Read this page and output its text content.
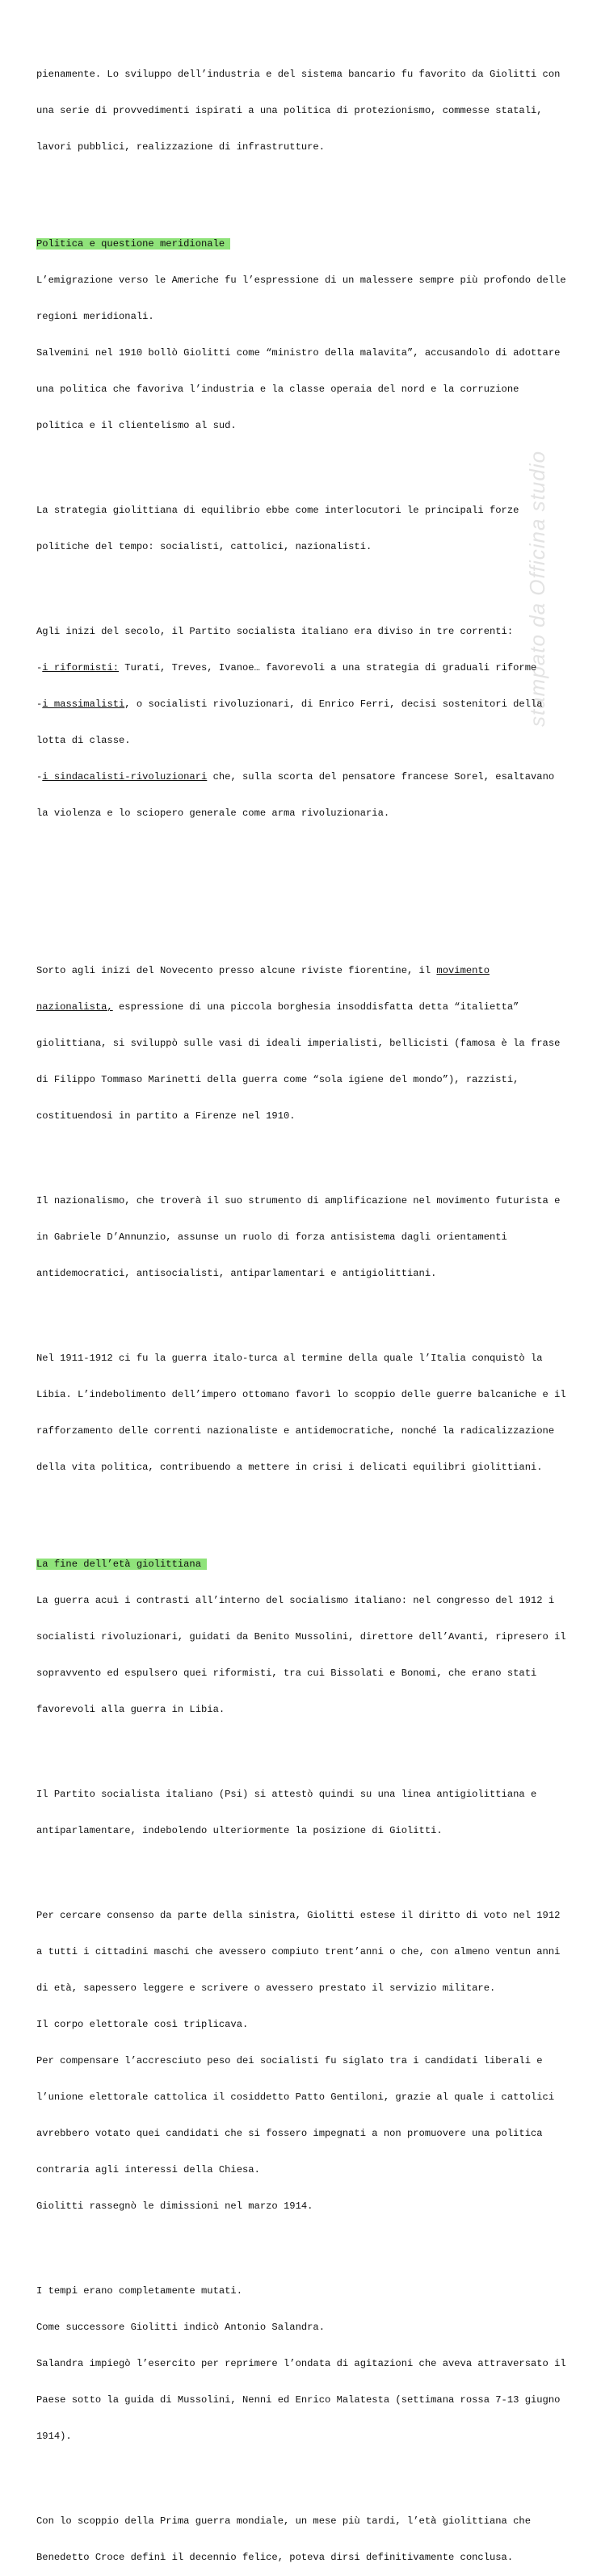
stampato da Officina studio

pienamente. Lo sviluppo dell’industria e del sistema bancario fu favorito da Giolitti con

una serie di provvedimenti ispirati a una politica di protezionismo, commesse statali,

lavori pubblici, realizzazione di infrastrutture.

Politica e questione meridionale

L’emigrazione verso le Americhe fu l’espressione di un malessere sempre più profondo delle

regioni meridionali.

Salvemini nel 1910 bollò Giolitti come “ministro della malavita”, accusandolo di adottare

una politica che favoriva l’industria e la classe operaia del nord e la corruzione

politica e il clientelismo al sud.

La strategia giolittiana di equilibrio ebbe come interlocutori le principali forze

politiche del tempo: socialisti, cattolici, nazionalisti.

Agli inizi del secolo, il Partito socialista italiano era diviso in tre correnti:

-i riformisti: Turati, Treves, Ivanoe… favorevoli a una strategia di graduali riforme

-i massimalisti, o socialisti rivoluzionari, di Enrico Ferri, decisi sostenitori della

lotta di classe.

-i sindacalisti-rivoluzionari che, sulla scorta del pensatore francese Sorel, esaltavano

la violenza e lo sciopero generale come arma rivoluzionaria.

Sorto agli inizi del Novecento presso alcune riviste fiorentine, il movimento

nazionalista, espressione di una piccola borghesia insoddisfatta detta “italietta”

giolittiana, si sviluppò sulle vasi di ideali imperialisti, bellicisti (famosa è la frase

di Filippo Tommaso Marinetti della guerra come “sola igiene del mondo”), razzisti,

costituendosi in partito a Firenze nel 1910.

Il nazionalismo, che troverà il suo strumento di amplificazione nel movimento futurista e

in Gabriele D’Annunzio, assunse un ruolo di forza antisistema dagli orientamenti

antidemocratici, antisocialisti, antiparlamentari e antigiolittiani.

Nel 1911-1912 ci fu la guerra italo-turca al termine della quale l’Italia conquistò la

Libia. L’indebolimento dell’impero ottomano favorì lo scoppio delle guerre balcaniche e il

rafforzamento delle correnti nazionaliste e antidemocratiche, nonché la radicalizzazione

della vita politica, contribuendo a mettere in crisi i delicati equilibri giolittiani.

La fine dell’età giolittiana

La guerra acuì i contrasti all’interno del socialismo italiano: nel congresso del 1912 i

socialisti rivoluzionari, guidati da Benito Mussolini, direttore dell’Avanti, ripresero il

sopravvento ed espulsero quei riformisti, tra cui Bissolati e Bonomi, che erano stati

favorevoli alla guerra in Libia.

Il Partito socialista italiano (Psi) si attestò quindi su una linea antigiolittiana e

antiparlamentare, indebolendo ulteriormente la posizione di Giolitti.

Per cercare consenso da parte della sinistra, Giolitti estese il diritto di voto nel 1912

a tutti i cittadini maschi che avessero compiuto trent’anni o che, con almeno ventun anni

di età, sapessero leggere e scrivere o avessero prestato il servizio militare.

Il corpo elettorale così triplicava.

Per compensare l’accresciuto peso dei socialisti fu siglato tra i candidati liberali e

l’unione elettorale cattolica il cosiddetto Patto Gentiloni, grazie al quale i cattolici

avrebbero votato quei candidati che si fossero impegnati a non promuovere una politica

contraria agli interessi della Chiesa.

Giolitti rassegnò le dimissioni nel marzo 1914.

I tempi erano completamente mutati.

Come successore Giolitti indicò Antonio Salandra.

Salandra impiegò l’esercito per reprimere l’ondata di agitazioni che aveva attraversato il

Paese sotto la guida di Mussolini, Nenni ed Enrico Malatesta (settimana rossa 7-13 giugno

1914).

Con lo scoppio della Prima guerra mondiale, un mese più tardi, l’età giolittiana che

Benedetto Croce definì il decennio felice, poteva dirsi definitivamente conclusa.
